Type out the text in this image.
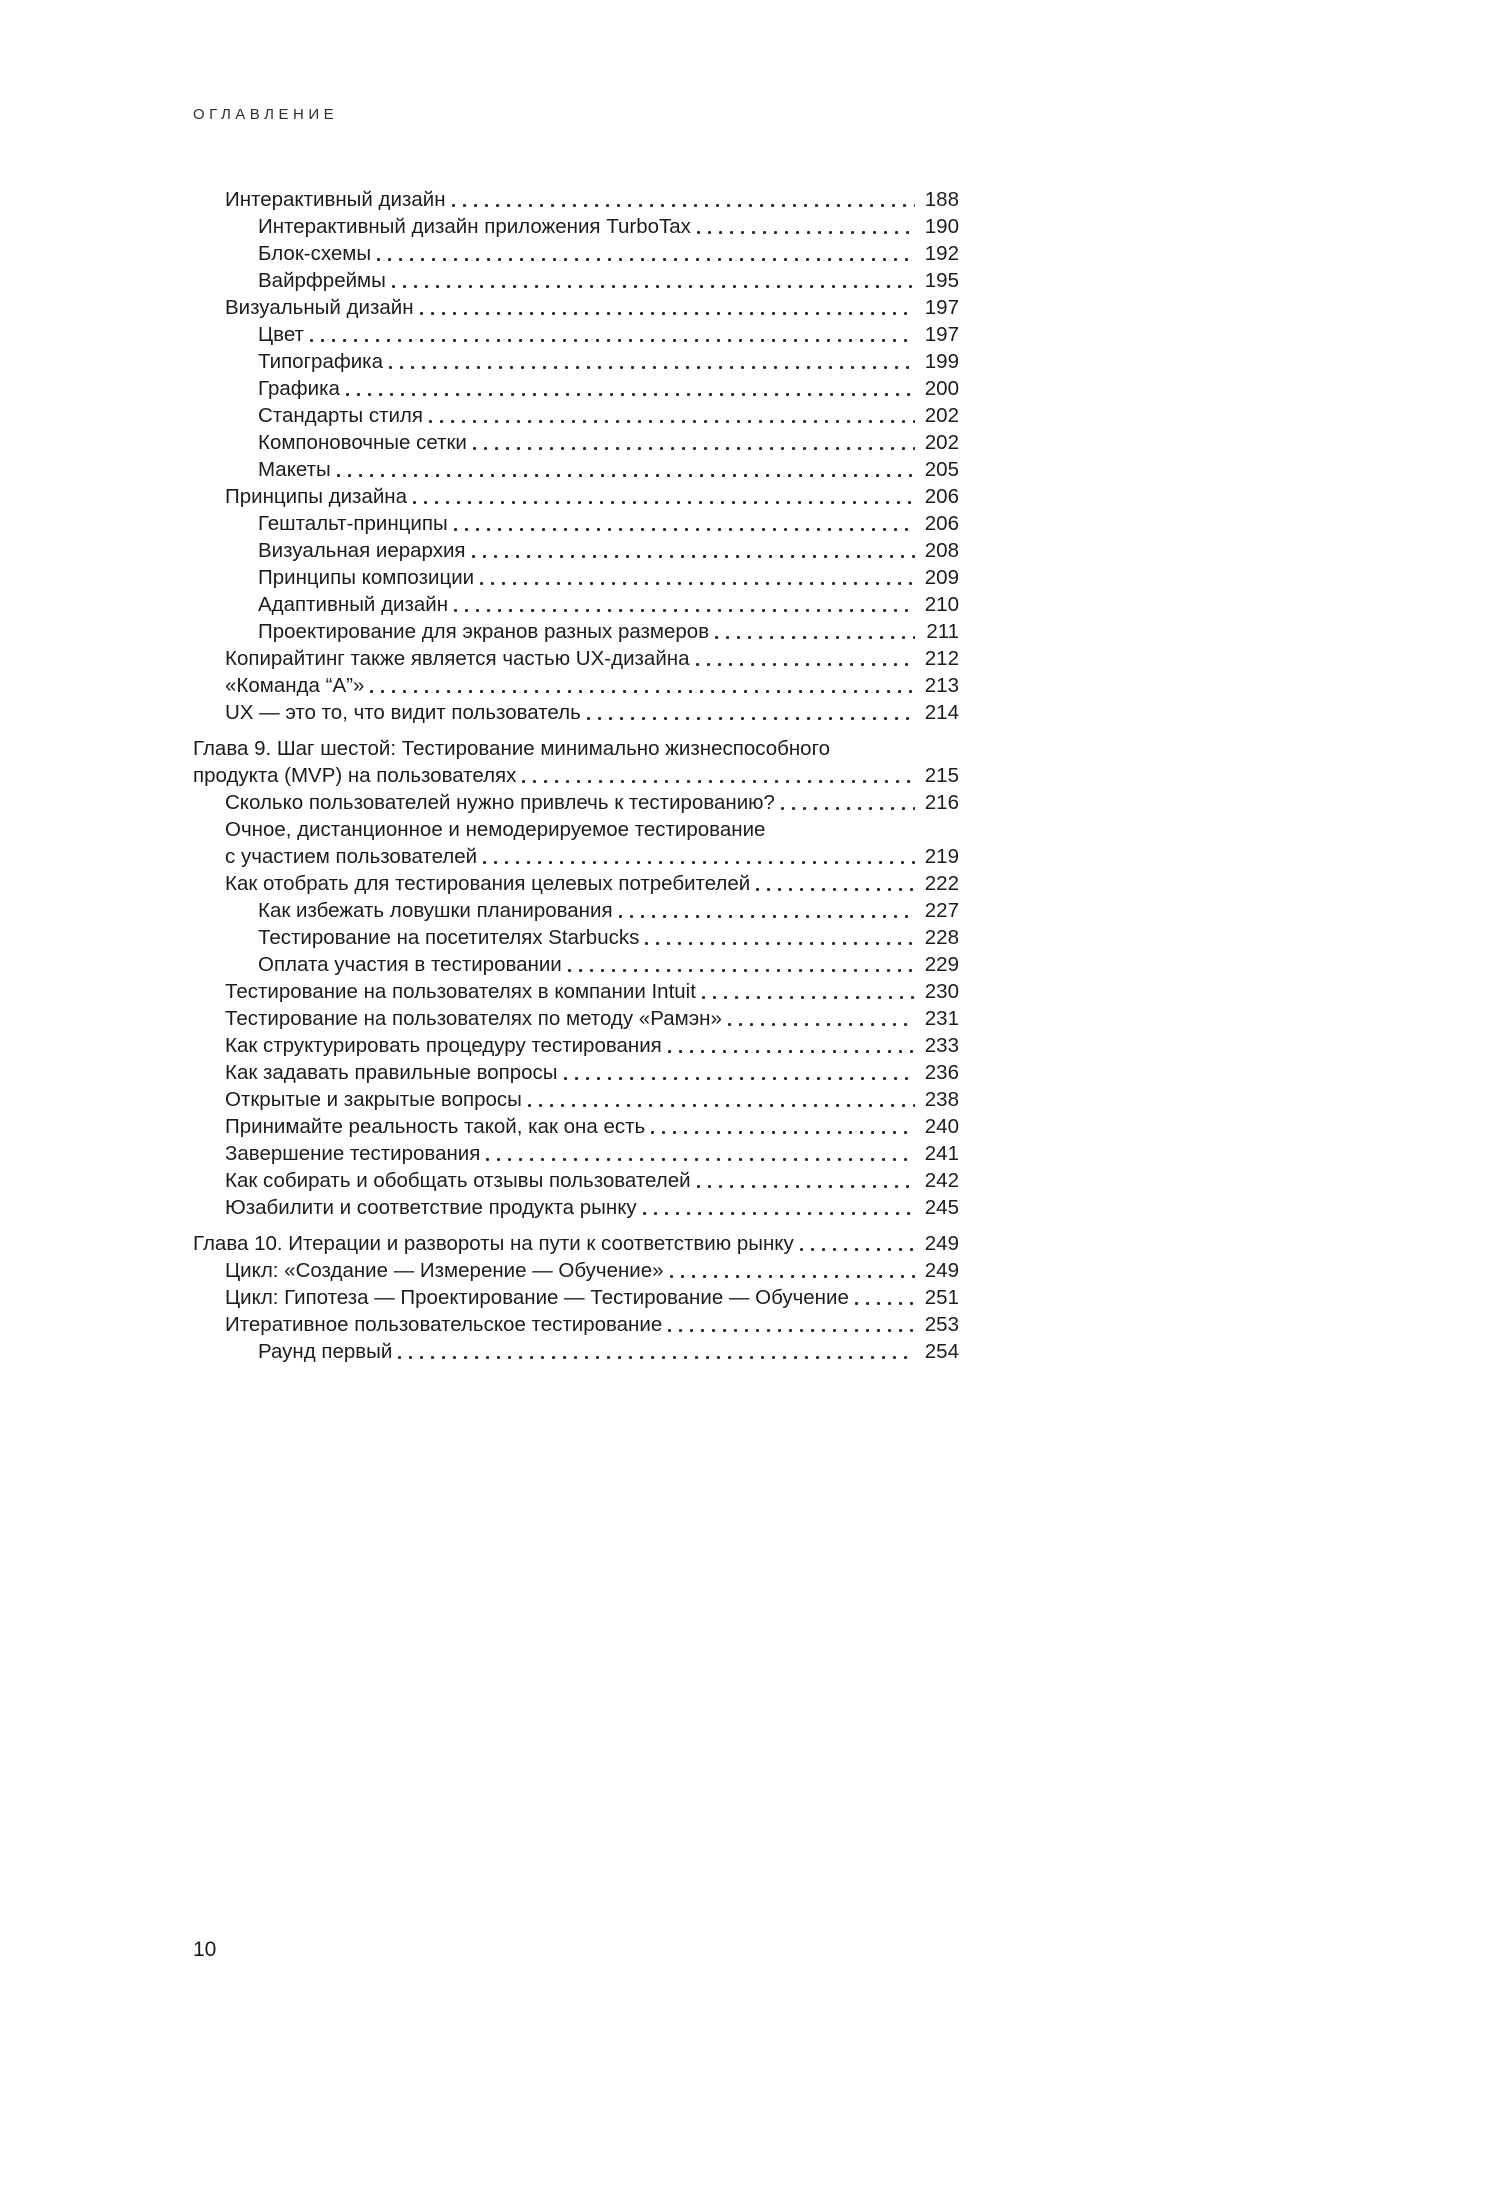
ОГЛАВЛЕНИЕ
Интерактивный дизайн	188
Интерактивный дизайн приложения TurboTax	190
Блок-схемы	192
Вайрфреймы	195
Визуальный дизайн	197
Цвет	197
Типографика	199
Графика	200
Стандарты стиля	202
Компоновочные сетки	202
Макеты	205
Принципы дизайна	206
Гештальт-принципы	206
Визуальная иерархия	208
Принципы композиции	209
Адаптивный дизайн	210
Проектирование для экранов разных размеров	211
Копирайтинг также является частью UX-дизайна	212
«Команда “А”»	213
UX — это то, что видит пользователь	214
Глава 9. Шаг шестой: Тестирование минимально жизнеспособного
продукта (MVP) на пользователях	215
Сколько пользователей нужно привлечь к тестированию?	216
Очное, дистанционное и немодерируемое тестирование
с участием пользователей	219
Как отобрать для тестирования целевых потребителей	222
Как избежать ловушки планирования	227
Тестирование на посетителях Starbucks	228
Оплата участия в тестировании	229
Тестирование на пользователях в компании Intuit	230
Тестирование на пользователях по методу «Рамэн»	231
Как структурировать процедуру тестирования	233
Как задавать правильные вопросы	236
Открытые и закрытые вопросы	238
Принимайте реальность такой, как она есть	240
Завершение тестирования	241
Как собирать и обобщать отзывы пользователей	242
Юзабилити и соответствие продукта рынку	245
Глава 10. Итерации и развороты на пути к соответствию рынку	249
Цикл: «Создание — Измерение — Обучение»	249
Цикл: Гипотеза — Проектирование — Тестирование — Обучение	251
Итеративное пользовательское тестирование	253
Раунд первый	254
10
